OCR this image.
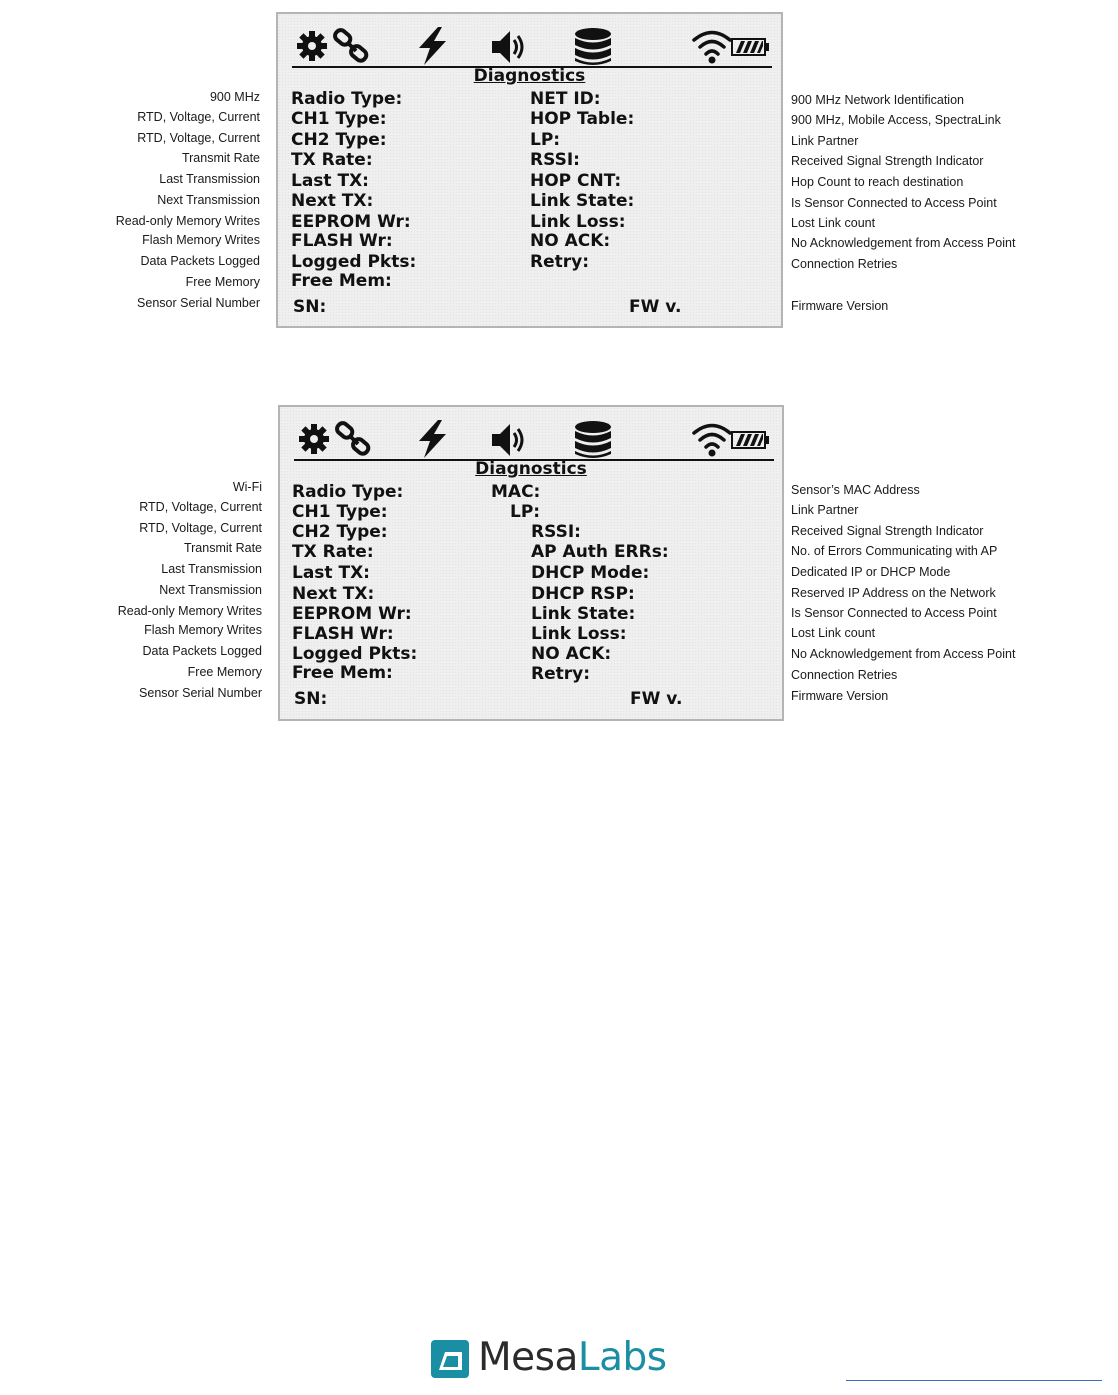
Diagnostics
Radio Type:
CH1 Type:
CH2 Type:
TX Rate:
Last TX:
Next TX:
EEPROM Wr:
FLASH Wr:
Logged Pkts:
Free Mem:
SN:	FW v.
NET ID:
HOP Table:
LP:
RSSI:
HOP CNT:
Link State:
Link Loss:
NO ACK:
Retry:
900 MHz
RTD, Voltage, Current
RTD, Voltage, Current
Transmit Rate
Last Transmission
Next Transmission
Read-only Memory Writes
Flash Memory Writes
Data Packets Logged
Free Memory
Sensor Serial Number
900 MHz Network Identification
900 MHz, Mobile Access, SpectraLink
Link Partner
Received Signal Strength Indicator
Hop Count to reach destination
Is Sensor Connected to Access Point
Lost Link count
No Acknowledgement from Access Point
Connection Retries
Firmware Version
Diagnostics
Radio Type:
CH1 Type:
CH2 Type:
TX Rate:
Last TX:
Next TX:
EEPROM Wr:
FLASH Wr:
Logged Pkts:
Free Mem:
SN:	FW v.
MAC:
LP:
RSSI:
AP Auth ERRs:
DHCP Mode:
DHCP RSP:
Link State:
Link Loss:
NO ACK:
Retry:
Wi-Fi
RTD, Voltage, Current
RTD, Voltage, Current
Transmit Rate
Last Transmission
Next Transmission
Read-only Memory Writes
Flash Memory Writes
Data Packets Logged
Free Memory
Sensor Serial Number
Sensor’s MAC Address
Link Partner
Received Signal Strength Indicator
No. of Errors Communicating with AP
Dedicated IP or DHCP Mode
Reserved IP Address on the Network
Is Sensor Connected to Access Point
Lost Link count
No Acknowledgement from Access Point
Connection Retries
Firmware Version
MesaLabs
